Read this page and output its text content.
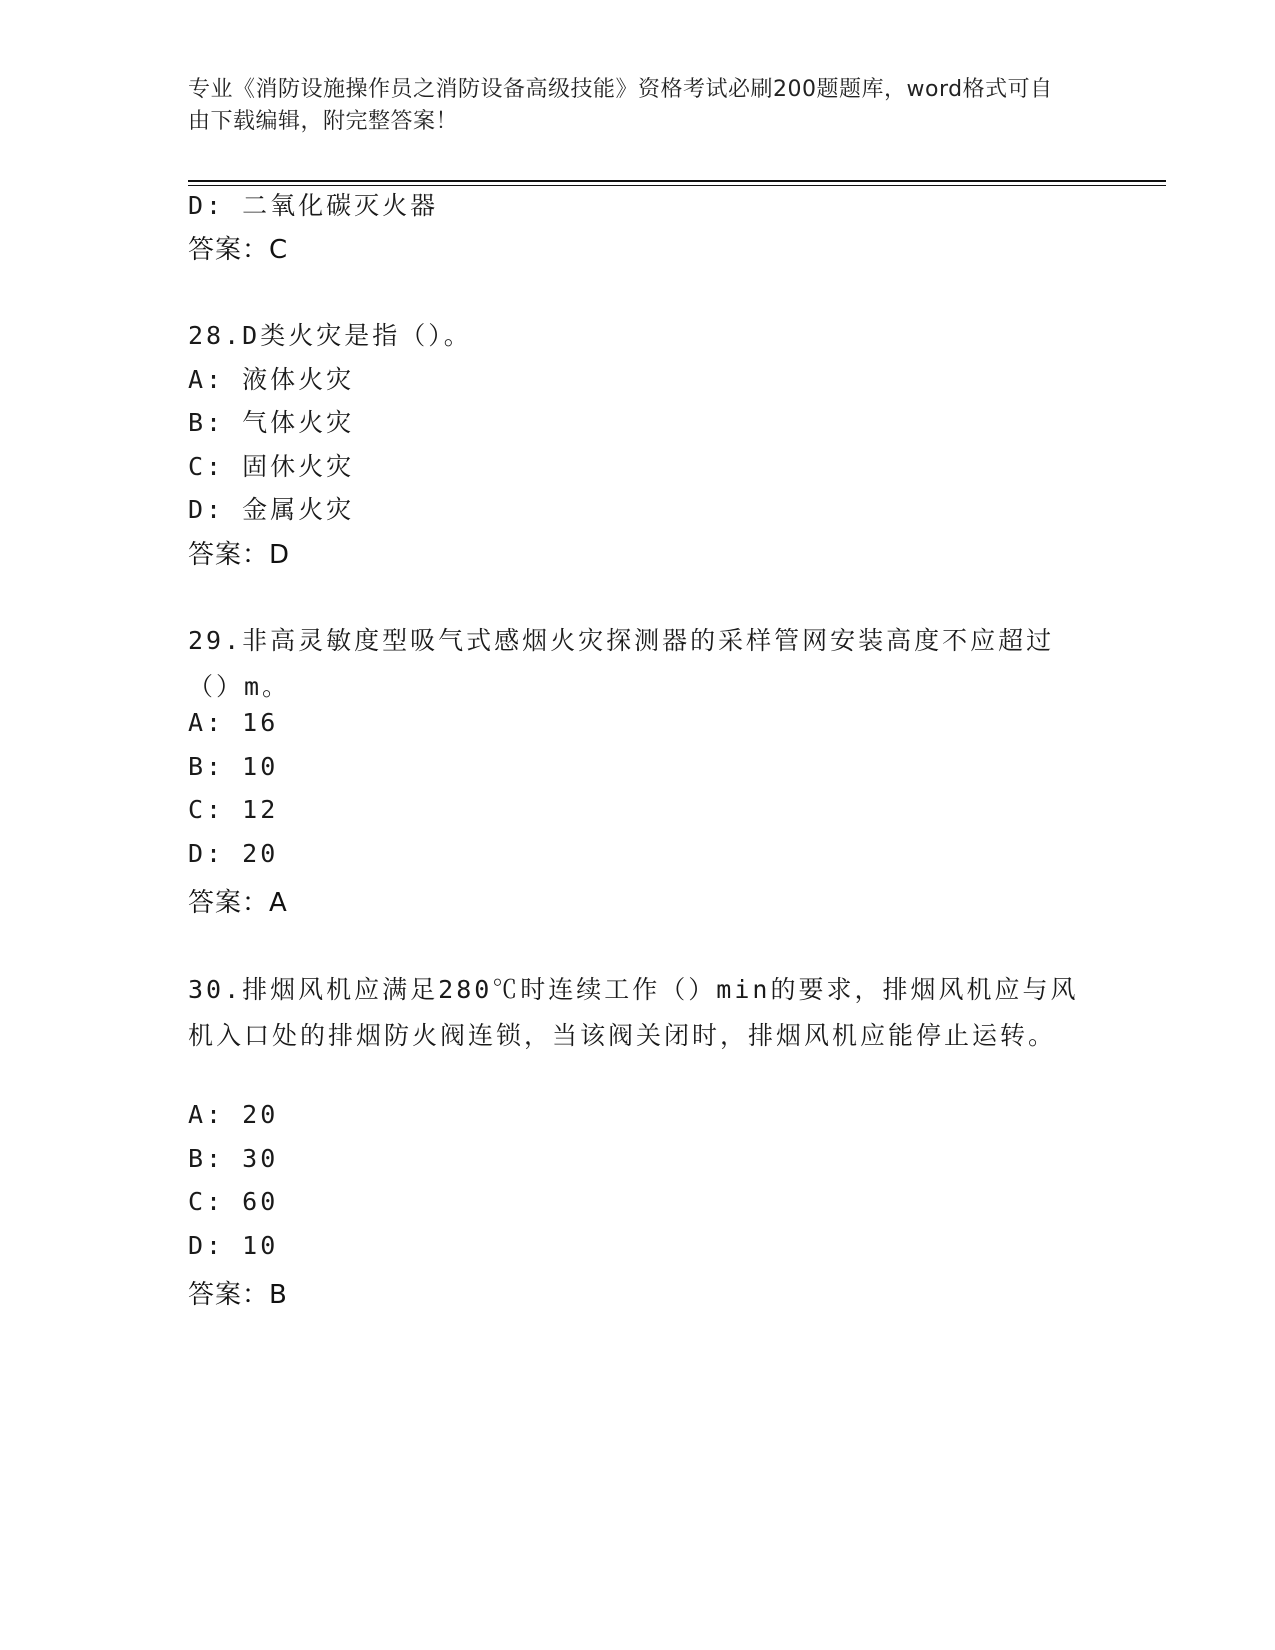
专业《消防设施操作员之消防设备高级技能》资格考试必刷200题题库，word格式可自由下载编辑，附完整答案！
D: 二氧化碳灭火器
答案：C
28.D类火灾是指（）。
A: 液体火灾
B: 气体火灾
C: 固休火灾
D: 金属火灾
答案：D
29.非高灵敏度型吸气式感烟火灾探测器的采样管网安装高度不应超过（）m。
A: 16
B: 10
C: 12
D: 20
答案：A
30.排烟风机应满足280℃时连续工作（）min的要求，排烟风机应与风机入口处的排烟防火阀连锁，当该阀关闭时，排烟风机应能停止运转。
A: 20
B: 30
C: 60
D: 10
答案：B
